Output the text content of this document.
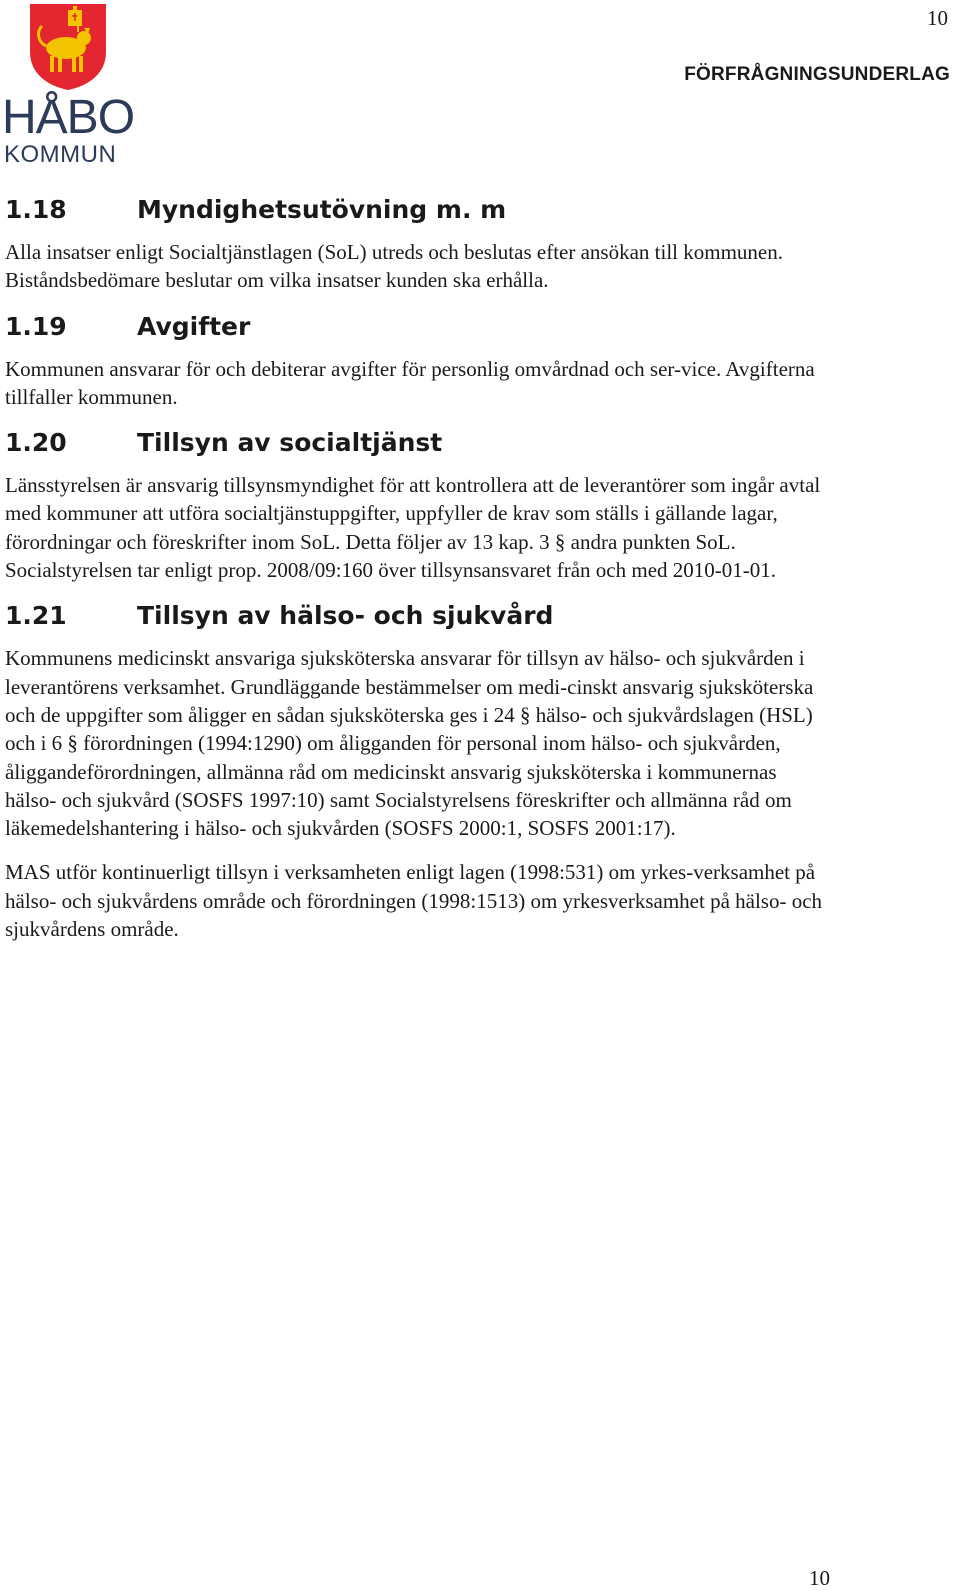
10
FÖRFRÅGNINGSUNDERLAG
HÅBO
KOMMUN
1.18	Myndighetsutövning m. m

Alla insatser enligt Socialtjänstlagen (SoL) utreds och beslutas efter ansökan till kommunen. Biståndsbedömare beslutar om vilka insatser kunden ska erhålla.

1.19	Avgifter

Kommunen ansvarar för och debiterar avgifter för personlig omvårdnad och ser-vice. Avgifterna tillfaller kommunen.

1.20	Tillsyn av socialtjänst

Länsstyrelsen är ansvarig tillsynsmyndighet för att kontrollera att de leverantörer som ingår avtal med kommuner att utföra socialtjänstuppgifter, uppfyller de krav som ställs i gällande lagar, förordningar och föreskrifter inom SoL. Detta följer av 13 kap. 3 § andra punkten SoL. Socialstyrelsen tar enligt prop. 2008/09:160 över tillsynsansvaret från och med 2010-01-01.

1.21	Tillsyn av hälso- och sjukvård

Kommunens medicinskt ansvariga sjuksköterska ansvarar för tillsyn av hälso- och sjukvården i leverantörens verksamhet. Grundläggande bestämmelser om medi-cinskt ansvarig sjuksköterska och de uppgifter som åligger en sådan sjuksköterska ges i 24 § hälso- och sjukvårdslagen (HSL) och i 6 § förordningen (1994:1290) om åligganden för personal inom hälso- och sjukvården, åliggandeförordningen, allmänna råd om medicinskt ansvarig sjuksköterska i kommunernas hälso- och sjukvård (SOSFS 1997:10) samt Socialstyrelsens föreskrifter och allmänna råd om läkemedelshantering i hälso- och sjukvården (SOSFS 2000:1, SOSFS 2001:17).

MAS utför kontinuerligt tillsyn i verksamheten enligt lagen (1998:531) om yrkes-verksamhet på hälso- och sjukvårdens område och förordningen (1998:1513) om yrkesverksamhet på hälso- och sjukvårdens område.

10
